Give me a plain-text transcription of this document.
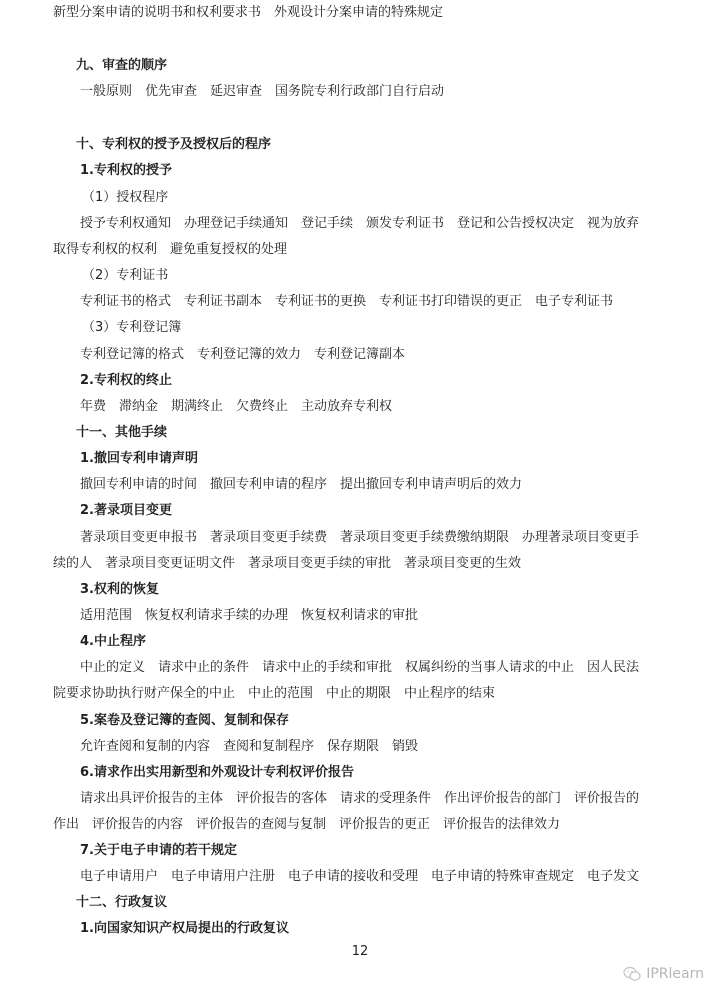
新型分案申请的说明书和权利要求书　外观设计分案申请的特殊规定
九、审查的顺序
一般原则　优先审查　延迟审查　国务院专利行政部门自行启动
十、专利权的授予及授权后的程序
1.专利权的授予
（1）授权程序
授予专利权通知　办理登记手续通知　登记手续　颁发专利证书　登记和公告授权决定　视为放弃
取得专利权的权利　避免重复授权的处理
（2）专利证书
专利证书的格式　专利证书副本　专利证书的更换　专利证书打印错误的更正　电子专利证书
（3）专利登记簿
专利登记簿的格式　专利登记簿的效力　专利登记簿副本
2.专利权的终止
年费　滞纳金　期满终止　欠费终止　主动放弃专利权
十一、其他手续
1.撤回专利申请声明
撤回专利申请的时间　撤回专利申请的程序　提出撤回专利申请声明后的效力
2.著录项目变更
著录项目变更申报书　著录项目变更手续费　著录项目变更手续费缴纳期限　办理著录项目变更手
续的人　著录项目变更证明文件　著录项目变更手续的审批　著录项目变更的生效
3.权利的恢复
适用范围　恢复权利请求手续的办理　恢复权利请求的审批
4.中止程序
中止的定义　请求中止的条件　请求中止的手续和审批　权属纠纷的当事人请求的中止　因人民法
院要求协助执行财产保全的中止　中止的范围　中止的期限　中止程序的结束
5.案卷及登记簿的查阅、复制和保存
允许查阅和复制的内容　查阅和复制程序　保存期限　销毁
6.请求作出实用新型和外观设计专利权评价报告
请求出具评价报告的主体　评价报告的客体　请求的受理条件　作出评价报告的部门　评价报告的
作出　评价报告的内容　评价报告的查阅与复制　评价报告的更正　评价报告的法律效力
7.关于电子申请的若干规定
电子申请用户　电子申请用户注册　电子申请的接收和受理　电子申请的特殊审查规定　电子发文
十二、行政复议
1.向国家知识产权局提出的行政复议
12
IPRlearn
